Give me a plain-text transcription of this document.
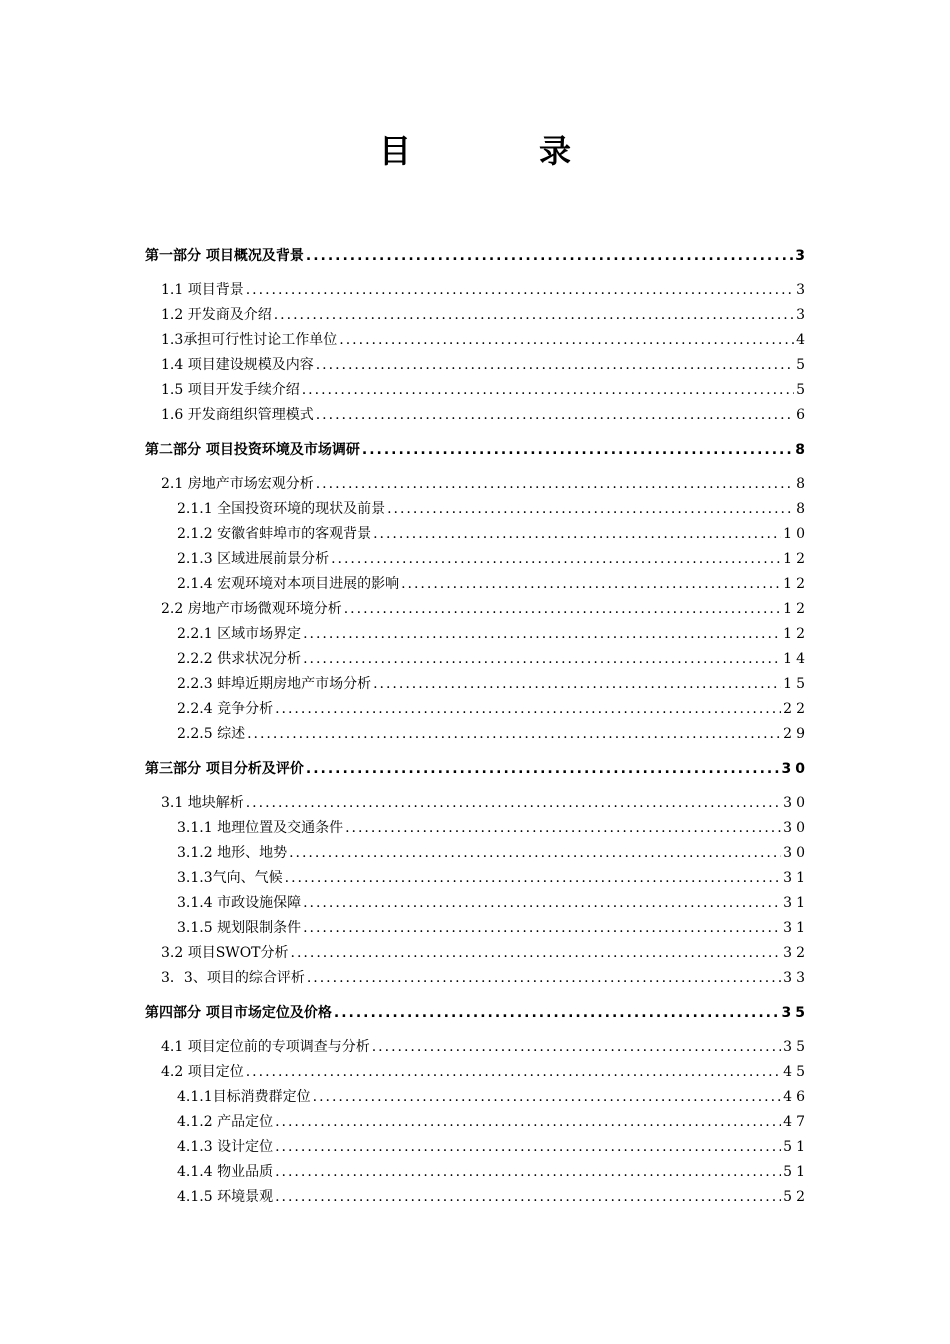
目	录
第一部分 项目概况及背景 .....	3
1.1 项目背景 .....	3
1.2 开发商及介绍 .....	3
1.3承担可行性讨论工作单位 .....	4
1.4 项目建设规模及内容 .....	5
1.5 项目开发手续介绍 .....	5
1.6 开发商组织管理模式 .....	6
第二部分 项目投资环境及市场调研 .....	8
2.1 房地产市场宏观分析 .....	8
2.1.1 全国投资环境的现状及前景 .....	8
2.1.2 安徽省蚌埠市的客观背景 .....	10
2.1.3 区域进展前景分析 .....	12
2.1.4 宏观环境对本项目进展的影响 .....	12
2.2 房地产市场微观环境分析 .....	12
2.2.1 区域市场界定 .....	12
2.2.2 供求状况分析 .....	14
2.2.3 蚌埠近期房地产市场分析 .....	15
2.2.4 竞争分析 .....	22
2.2.5 综述 .....	29
第三部分 项目分析及评价 .....	30
3.1 地块解析 .....	30
3.1.1 地理位置及交通条件 .....	30
3.1.2 地形、地势 .....	30
3.1.3气向、气候 .....	31
3.1.4 市政设施保障 .....	31
3.1.5 规划限制条件 .....	31
3.2 项目SWOT分析 .....	32
3．3、项目的综合评析 .....	33
第四部分 项目市场定位及价格 .....	35
4.1 项目定位前的专项调查与分析 .....	35
4.2 项目定位 .....	45
4.1.1目标消费群定位 .....	46
4.1.2 产品定位 .....	47
4.1.3 设计定位 .....	51
4.1.4 物业品质 .....	51
4.1.5 环境景观 .....	52
